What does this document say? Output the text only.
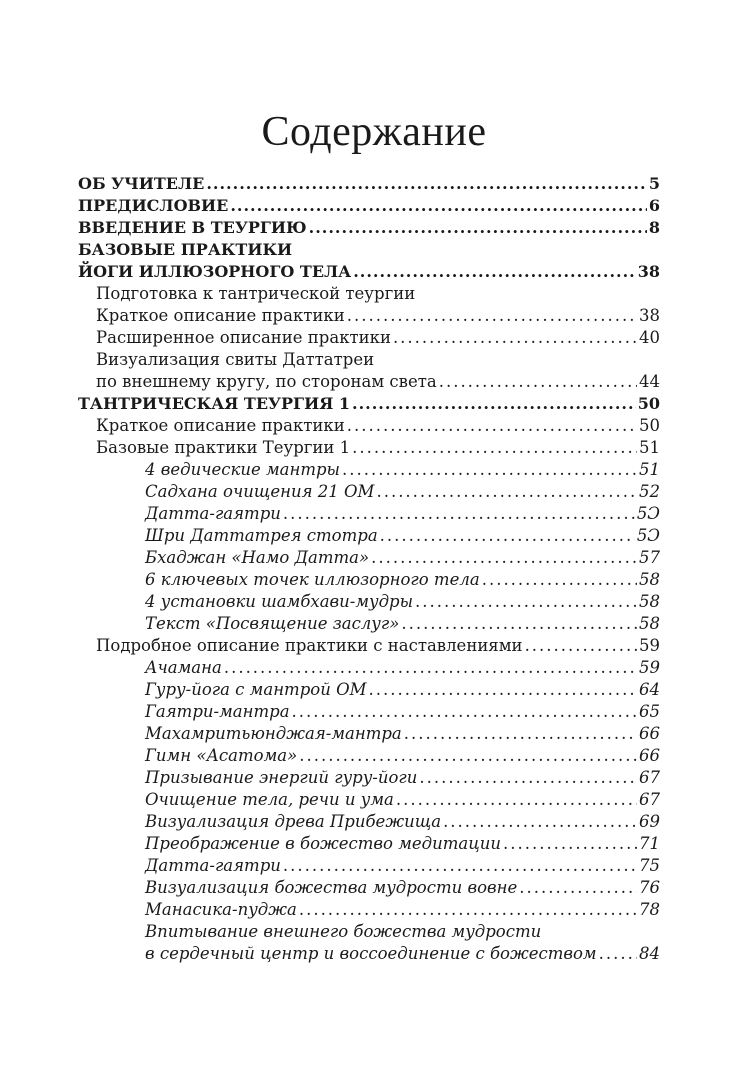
Содержание
ОБ УЧИТЕЛЕ .....	5
ПРЕДИСЛОВИЕ .....	6
ВВЕДЕНИЕ В ТЕУРГИЮ .....	8
БАЗОВЫЕ ПРАКТИКИ
ЙОГИ ИЛЛЮЗОРНОГО ТЕЛА .....	38
Подготовка к тантрической теургии
Краткое описание практики .....	38
Расширенное описание практики .....	40
Визуализация свиты Даттатреи
по внешнему кругу, по сторонам света .....	44
ТАНТРИЧЕСКАЯ ТЕУРГИЯ 1 .....	50
Краткое описание практики .....	50
Базовые практики Теургии 1 .....	51
4 ведические мантры .....	51
Садхана очищения 21 ОМ .....	52
Датта-гаятри .....	5Ɔ
Шри Даттатрея стотра .....	5Ɔ
Бхаджан «Намо Датта» .....	57
6 ключевых точек иллюзорного тела .....	58
4 установки шамбхави-мудры .....	58
Текст «Посвящение заслуг» .....	58
Подробное описание практики с наставлениями .....	59
Ачамана .....	59
Гуру-йога с мантрой ОМ .....	64
Гаятри-мантра .....	65
Махамритьюнджая-мантра .....	66
Гимн «Асатома» .....	66
Призывание энергий гуру-йоги .....	67
Очищение тела, речи и ума .....	67
Визуализация древа Прибежища .....	69
Преображение в божество медитации .....	71
Датта-гаятри .....	75
Визуализация божества мудрости вовне .....	76
Манасика-пуджа .....	78
Впитывание внешнего божества мудрости
в сердечный центр и воссоединение с божеством .....	84
